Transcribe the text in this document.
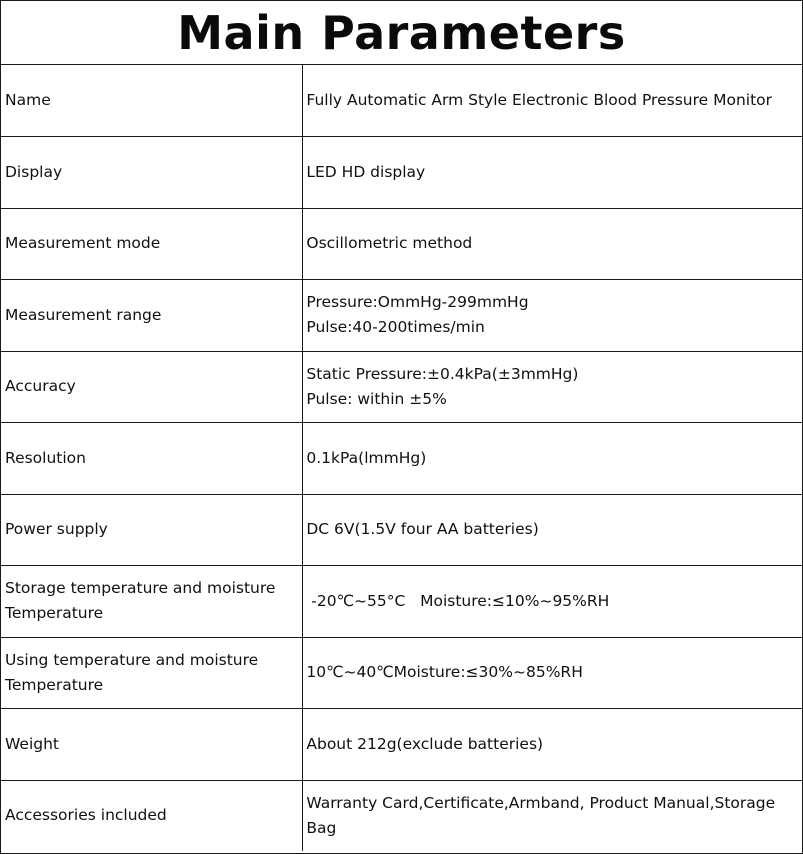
Main Parameters
Name	Fully Automatic Arm Style Electronic Blood Pressure Monitor

Display	LED HD display

Measurement mode	Oscillometric method

Measurement range	Pressure:OmmHg-299mmHg
Pulse:40-200times/min

Accuracy	Static Pressure:±0.4kPa(±3mmHg)
Pulse: within ±5%

Resolution	0.1kPa(lmmHg)

Power supply	DC 6V(1.5V four AA batteries)

Storage temperature and moisture Temperature	-20℃~55°C   Moisture:≤10%~95%RH

Using temperature and moisture Temperature	10℃~40℃Moisture:≤30%~85%RH

Weight	About 212g(exclude batteries)

Accessories included	Warranty Card,Certificate,Armband, Product Manual,Storage Bag
